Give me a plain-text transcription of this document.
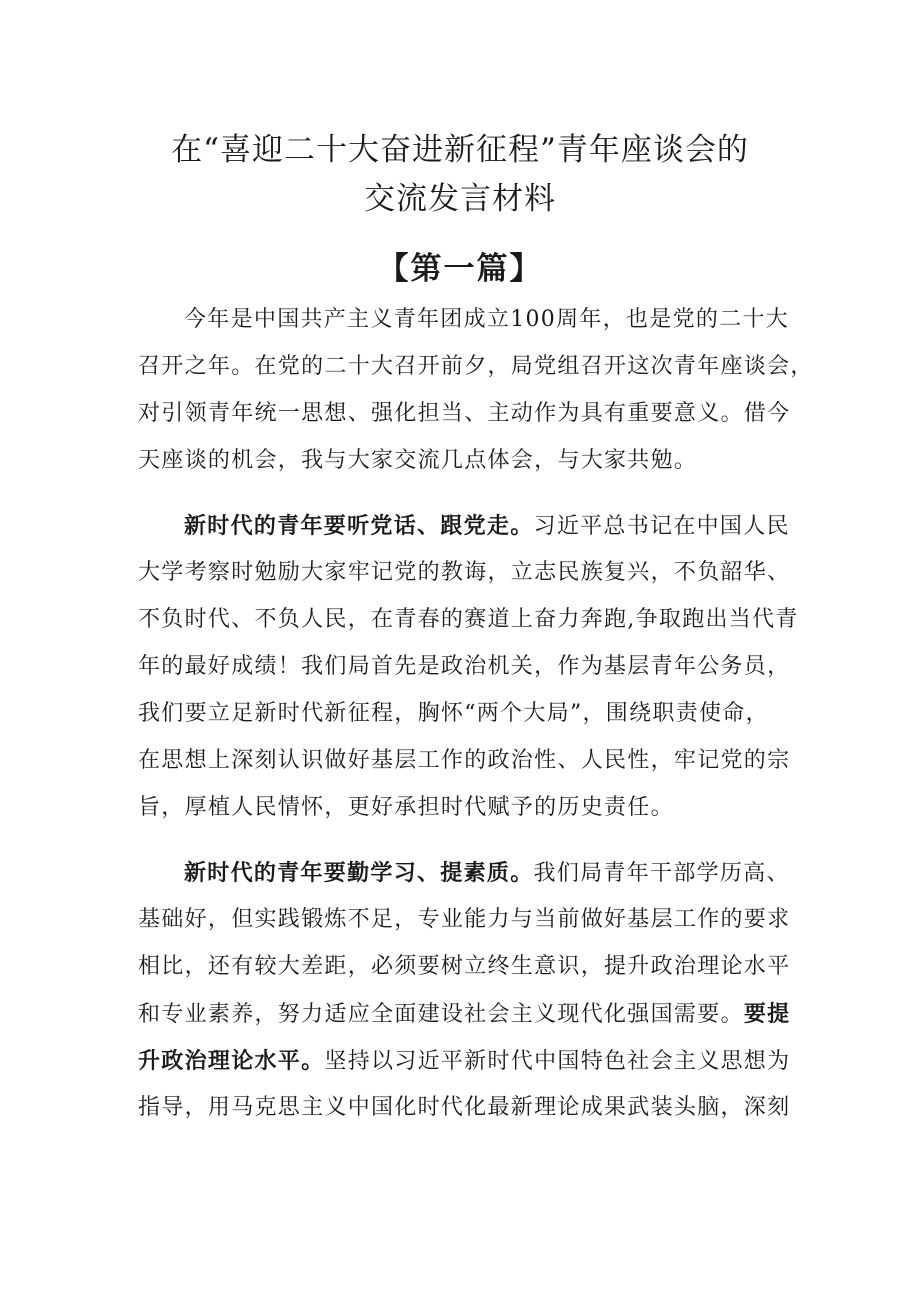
在“喜迎二十大奋进新征程”青年座谈会的
交流发言材料
【第一篇】
今年是中国共产主义青年团成立100周年，也是党的二十大
召开之年。在党的二十大召开前夕，局党组召开这次青年座谈会，
对引领青年统一思想、强化担当、主动作为具有重要意义。借今
天座谈的机会，我与大家交流几点体会，与大家共勉。
新时代的青年要听党话、跟党走。习近平总书记在中国人民
大学考察时勉励大家牢记党的教诲，立志民族复兴，不负韶华、
不负时代、不负人民，在青春的赛道上奋力奔跑,争取跑出当代青
年的最好成绩！我们局首先是政治机关，作为基层青年公务员，
我们要立足新时代新征程，胸怀“两个大局”，围绕职责使命，
在思想上深刻认识做好基层工作的政治性、人民性，牢记党的宗
旨，厚植人民情怀，更好承担时代赋予的历史责任。
新时代的青年要勤学习、提素质。我们局青年干部学历高、
基础好，但实践锻炼不足，专业能力与当前做好基层工作的要求
相比，还有较大差距，必须要树立终生意识，提升政治理论水平
和专业素养，努力适应全面建设社会主义现代化强国需要。要提
升政治理论水平。坚持以习近平新时代中国特色社会主义思想为
指导，用马克思主义中国化时代化最新理论成果武装头脑，深刻
